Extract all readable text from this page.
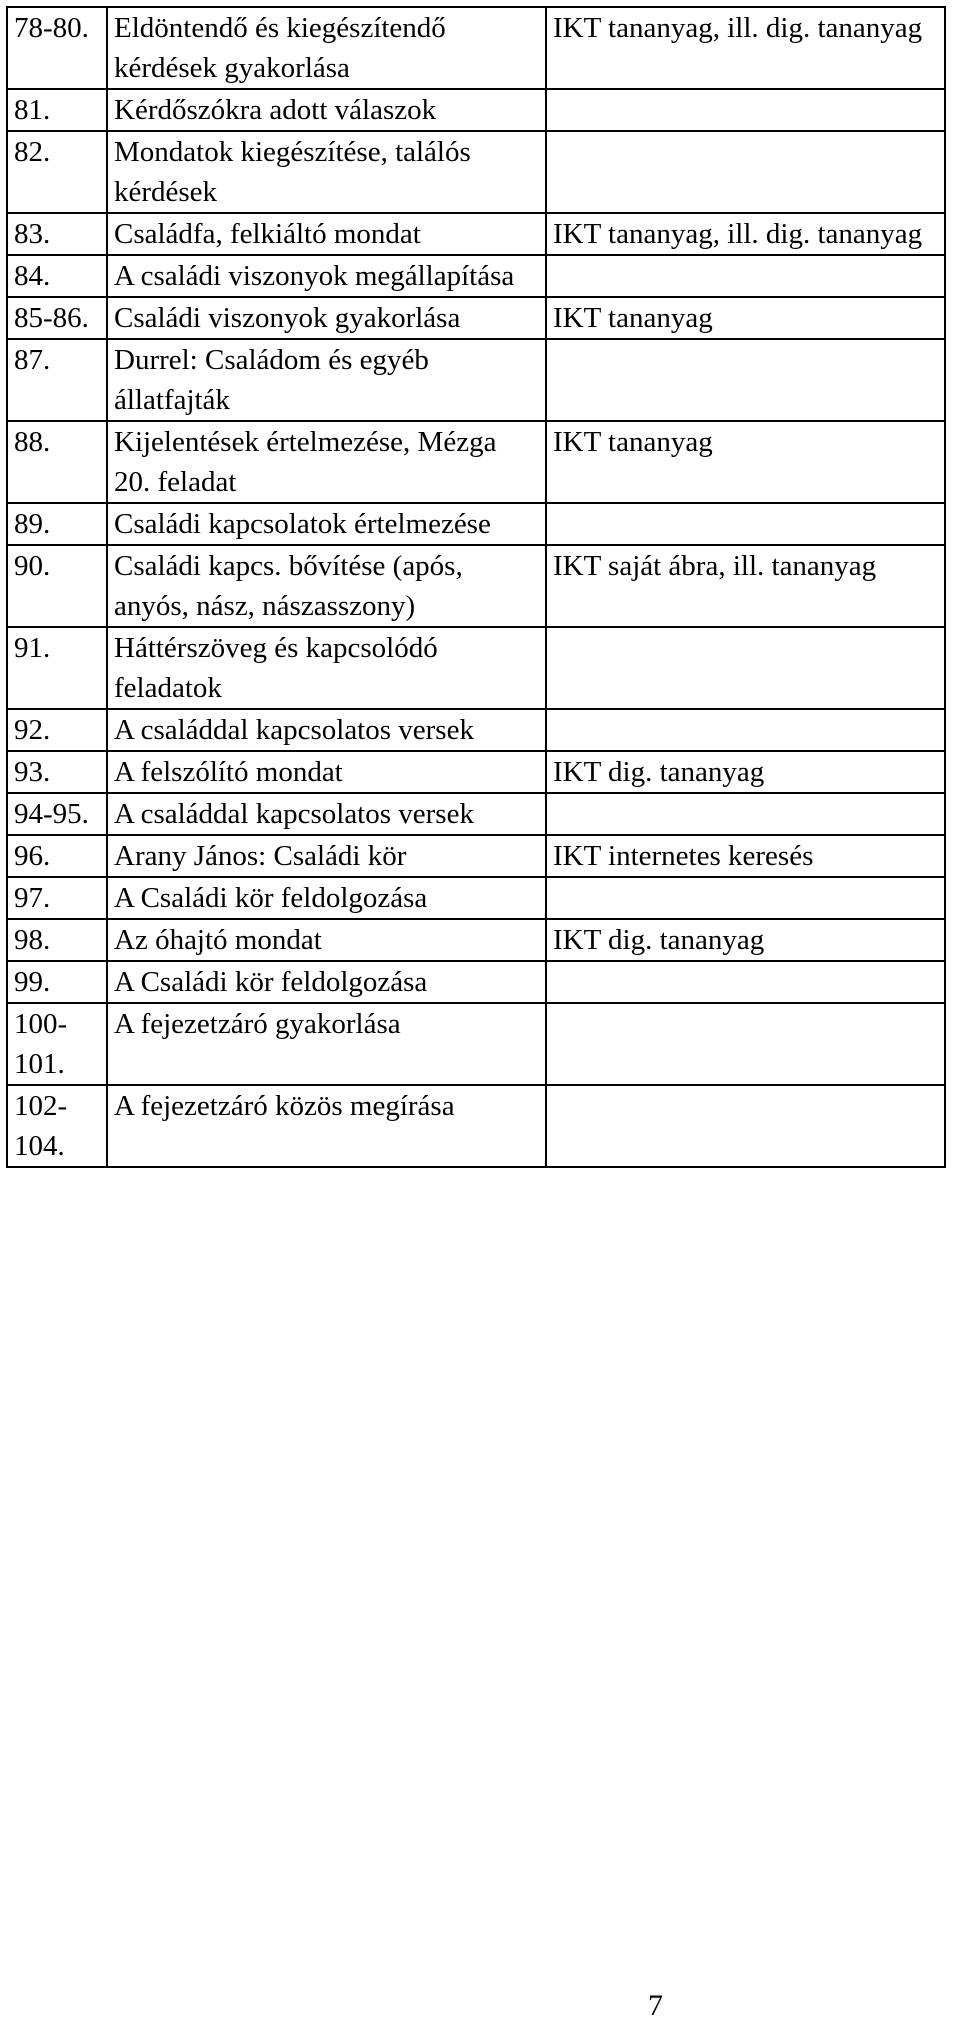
78-80.	Eldöntendő és kiegészítendő kérdések gyakorlása	IKT tananyag, ill. dig. tananyag
81.	Kérdőszókra adott válaszok	
82.	Mondatok kiegészítése, találós kérdések	
83.	Családfa, felkiáltó mondat	IKT tananyag, ill. dig. tananyag
84.	A családi viszonyok megállapítása	
85-86.	Családi viszonyok gyakorlása	IKT tananyag
87.	Durrel: Családom és egyéb állatfajták	
88.	Kijelentések értelmezése, Mézga 20. feladat	IKT tananyag
89.	Családi kapcsolatok értelmezése	
90.	Családi kapcs. bővítése (após, anyós, nász, nászasszony)	IKT saját ábra, ill. tananyag
91.	Háttérszöveg és kapcsolódó feladatok	
92.	A családdal kapcsolatos versek	
93.	A felszólító mondat	IKT dig. tananyag
94-95.	A családdal kapcsolatos versek	
96.	Arany János: Családi kör	IKT internetes keresés
97.	A Családi kör feldolgozása	
98.	Az óhajtó mondat	IKT dig. tananyag
99.	A Családi kör feldolgozása	
100-101.	A fejezetzáró gyakorlása	
102-104.	A fejezetzáró közös megírása	
7
